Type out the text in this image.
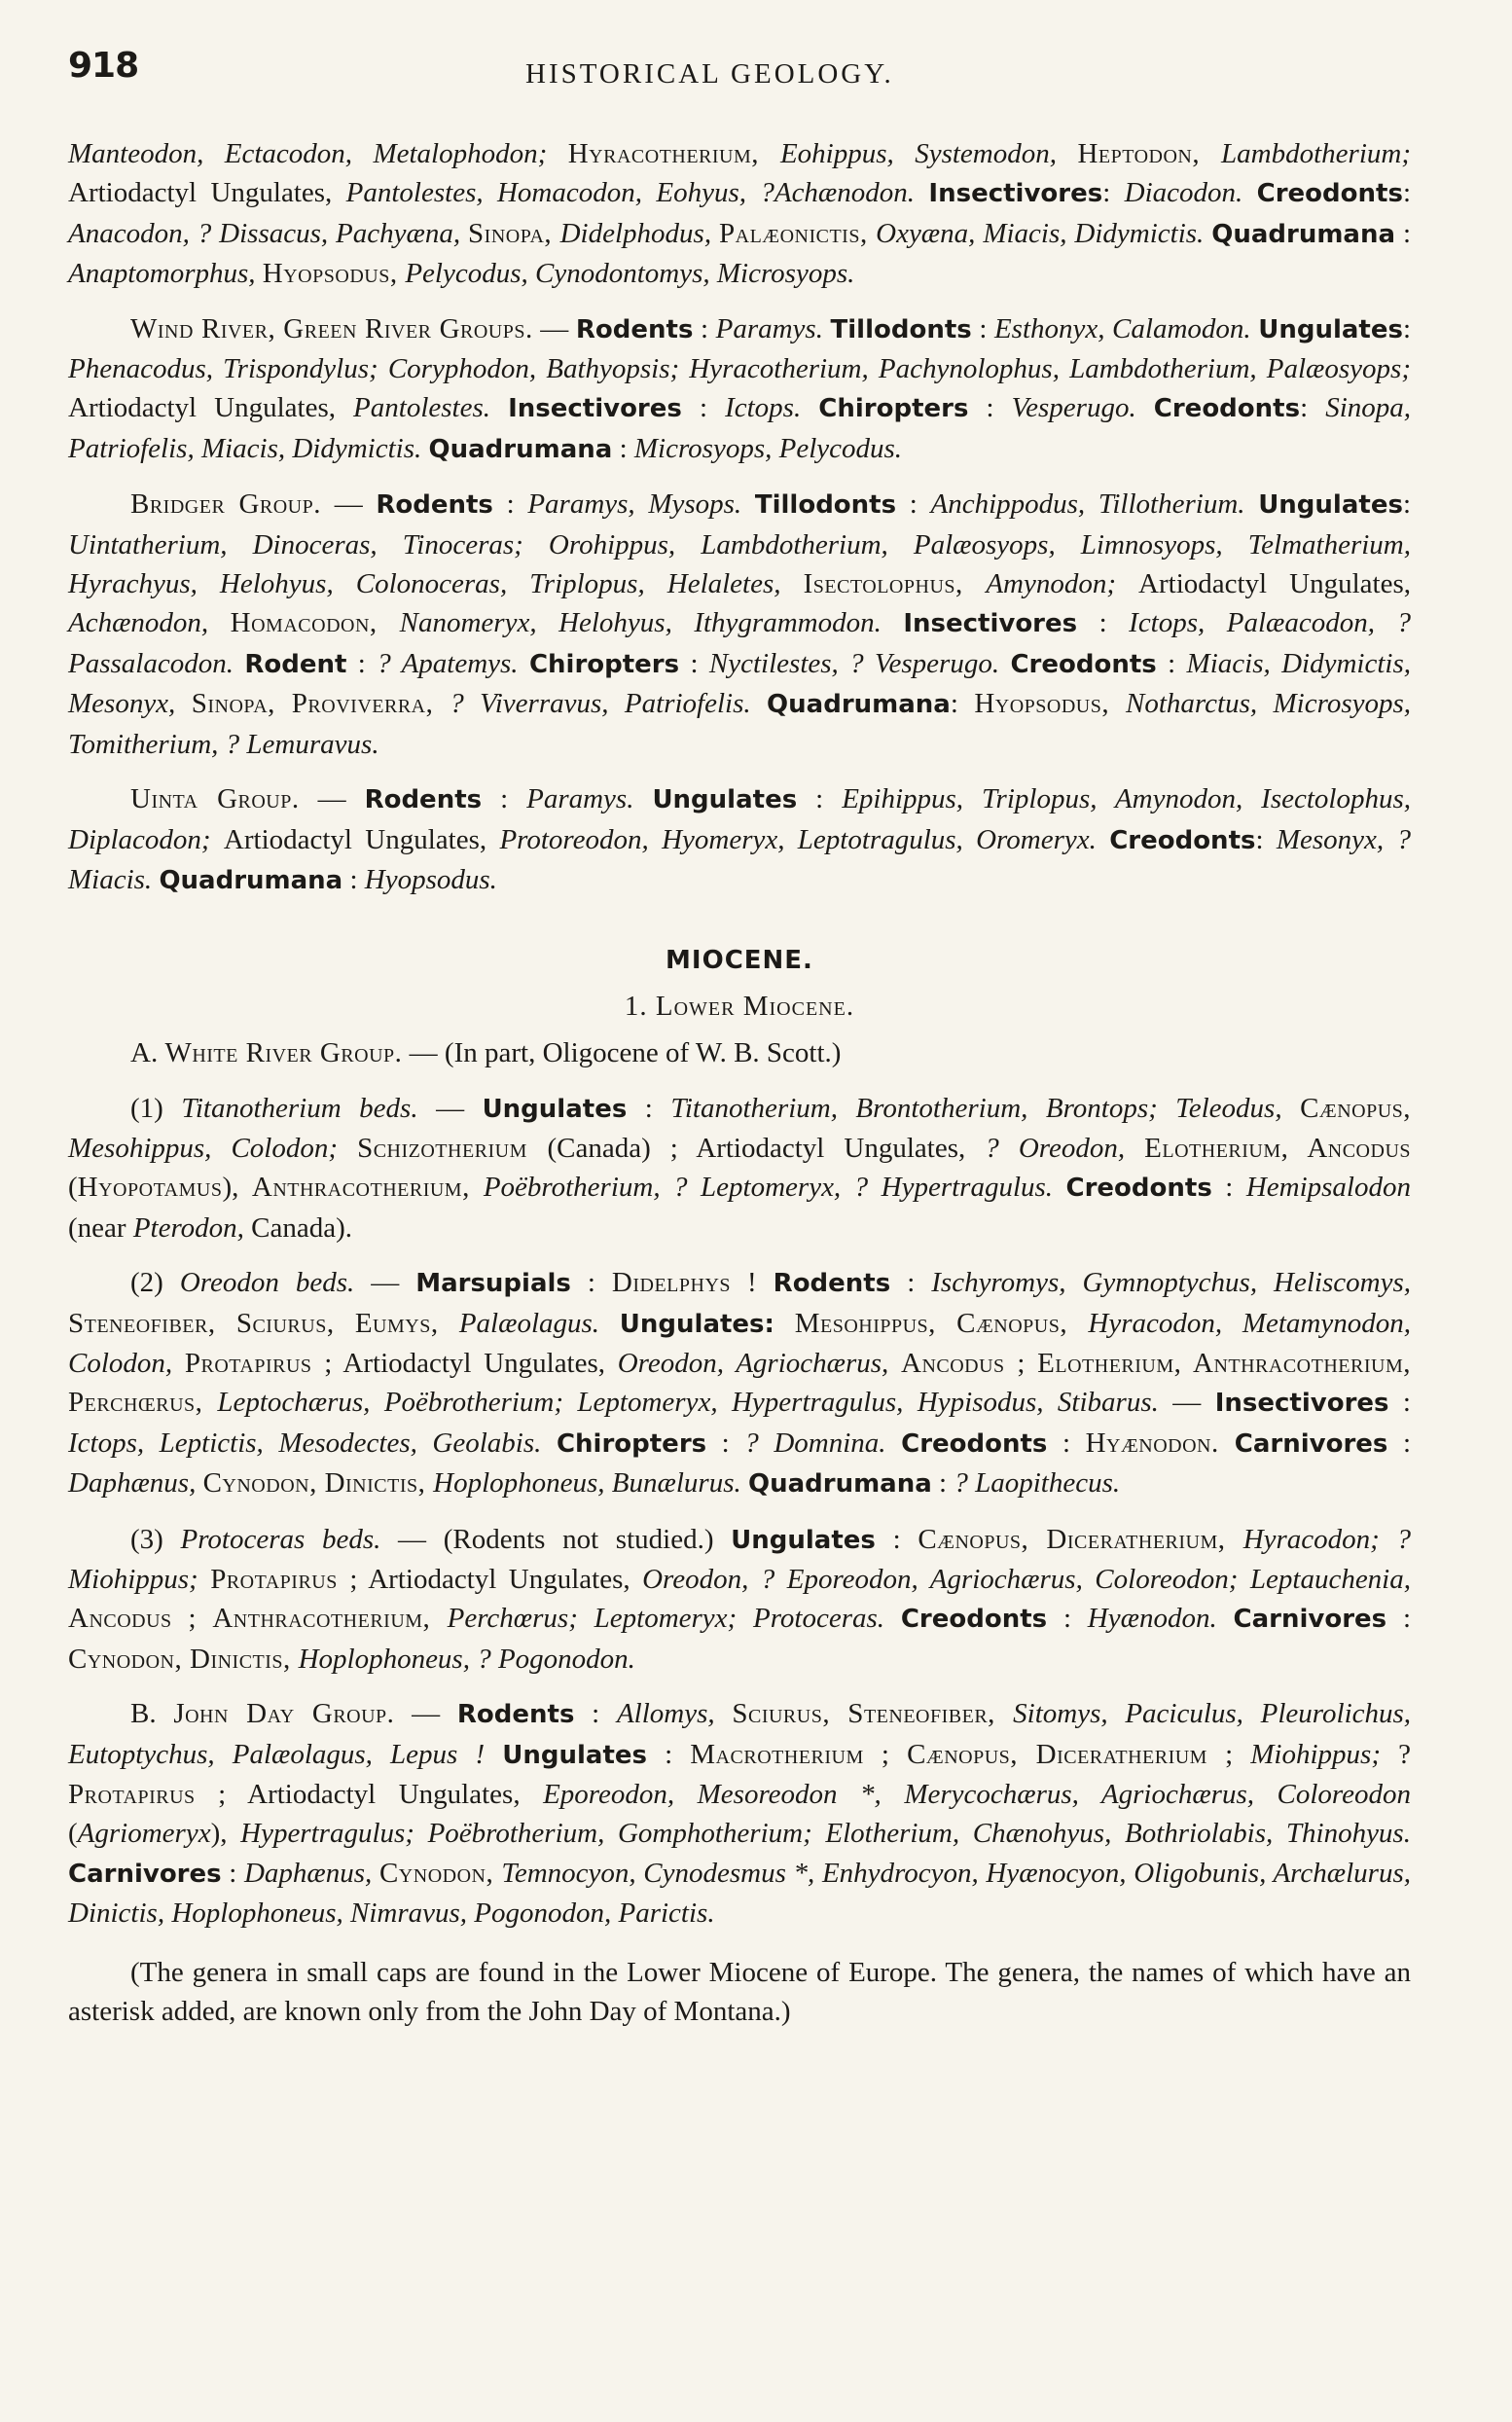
918	HISTORICAL GEOLOGY.

Manteodon, Ectacodon, Metalophodon; Hyracotherium, Eohippus, Systemodon, Heptodon, Lambdotherium; Artiodactyl Ungulates, Pantolestes, Homacodon, Eohyus, ?Achænodon. Insectivores: Diacodon. Creodonts: Anacodon, ? Dissacus, Pachyæna, Sinopa, Didelphodus, Palæonictis, Oxyæna, Miacis, Didymictis. Quadrumana : Anaptomorphus, Hyopsodus, Pelycodus, Cynodontomys, Microsyops.

Wind River, Green River Groups. — Rodents : Paramys. Tillodonts : Esthonyx, Calamodon. Ungulates: Phenacodus, Trispondylus; Coryphodon, Bathyopsis; Hyracotherium, Pachynolophus, Lambdotherium, Palæosyops; Artiodactyl Ungulates, Pantolestes. Insectivores : Ictops. Chiropters : Vesperugo. Creodonts: Sinopa, Patriofelis, Miacis, Didymictis. Quadrumana : Microsyops, Pelycodus.

Bridger Group. — Rodents : Paramys, Mysops. Tillodonts : Anchippodus, Tillotherium. Ungulates: Uintatherium, Dinoceras, Tinoceras; Orohippus, Lambdotherium, Palæosyops, Limnosyops, Telmatherium, Hyrachyus, Helohyus, Colonoceras, Triplopus, Helaletes, Isectolophus, Amynodon; Artiodactyl Ungulates, Achænodon, Homacodon, Nanomeryx, Helohyus, Ithygrammodon. Insectivores : Ictops, Palæacodon, ? Passalacodon. Rodent : ? Apatemys. Chiropters : Nyctilestes, ? Vesperugo. Creodonts : Miacis, Didymictis, Mesonyx, Sinopa, Proviverra, ? Viverravus, Patriofelis. Quadrumana: Hyopsodus, Notharctus, Microsyops, Tomitherium, ? Lemuravus.

Uinta Group. — Rodents : Paramys. Ungulates : Epihippus, Triplopus, Amynodon, Isectolophus, Diplacodon; Artiodactyl Ungulates, Protoreodon, Hyomeryx, Leptotragulus, Oromeryx. Creodonts: Mesonyx, ? Miacis. Quadrumana : Hyopsodus.

MIOCENE.
1. Lower Miocene.

A. White River Group. — (In part, Oligocene of W. B. Scott.)

(1) Titanotherium beds. — Ungulates : Titanotherium, Brontotherium, Brontops; Teleodus, Cænopus, Mesohippus, Colodon; Schizotherium (Canada) ; Artiodactyl Ungulates, ? Oreodon, Elotherium, Ancodus (Hyopotamus), Anthracotherium, Poëbrotherium, ? Leptomeryx, ? Hypertragulus. Creodonts : Hemipsalodon (near Pterodon, Canada).

(2) Oreodon beds. — Marsupials : Didelphys ! Rodents : Ischyromys, Gymnoptychus, Heliscomys, Steneofiber, Sciurus, Eumys, Palæolagus. Ungulates: Mesohippus, Cænopus, Hyracodon, Metamynodon, Colodon, Protapirus ; Artiodactyl Ungulates, Oreodon, Agriochærus, Ancodus ; Elotherium, Anthracotherium, Perchœrus, Leptochærus, Poëbrotherium; Leptomeryx, Hypertragulus, Hypisodus, Stibarus. — Insectivores : Ictops, Leptictis, Mesodectes, Geolabis. Chiropters : ? Domnina. Creodonts : Hyænodon. Carnivores : Daphænus, Cynodon, Dinictis, Hoplophoneus, Bunælurus. Quadrumana : ? Laopithecus.

(3) Protoceras beds. — (Rodents not studied.) Ungulates : Cænopus, Diceratherium, Hyracodon; ? Miohippus; Protapirus ; Artiodactyl Ungulates, Oreodon, ? Eporeodon, Agriochærus, Coloreodon; Leptauchenia, Ancodus ; Anthracotherium, Perchœrus; Leptomeryx; Protoceras. Creodonts : Hyænodon. Carnivores : Cynodon, Dinictis, Hoplophoneus, ? Pogonodon.

B. John Day Group. — Rodents : Allomys, Sciurus, Steneofiber, Sitomys, Paciculus, Pleurolichus, Eutoptychus, Palæolagus, Lepus ! Ungulates : Macrotherium ; Cænopus, Diceratherium ; Miohippus; ? Protapirus ; Artiodactyl Ungulates, Eporeodon, Mesoreodon *, Merycochærus, Agriochærus, Coloreodon (Agriomeryx), Hypertragulus; Poëbrotherium, Gomphotherium; Elotherium, Chænohyus, Bothriolabis, Thinohyus. Carnivores : Daphænus, Cynodon, Temnocyon, Cynodesmus *, Enhydrocyon, Hyænocyon, Oligobunis, Archælurus, Dinictis, Hoplophoneus, Nimravus, Pogonodon, Parictis.

(The genera in small caps are found in the Lower Miocene of Europe. The genera, the names of which have an asterisk added, are known only from the John Day of Montana.)
